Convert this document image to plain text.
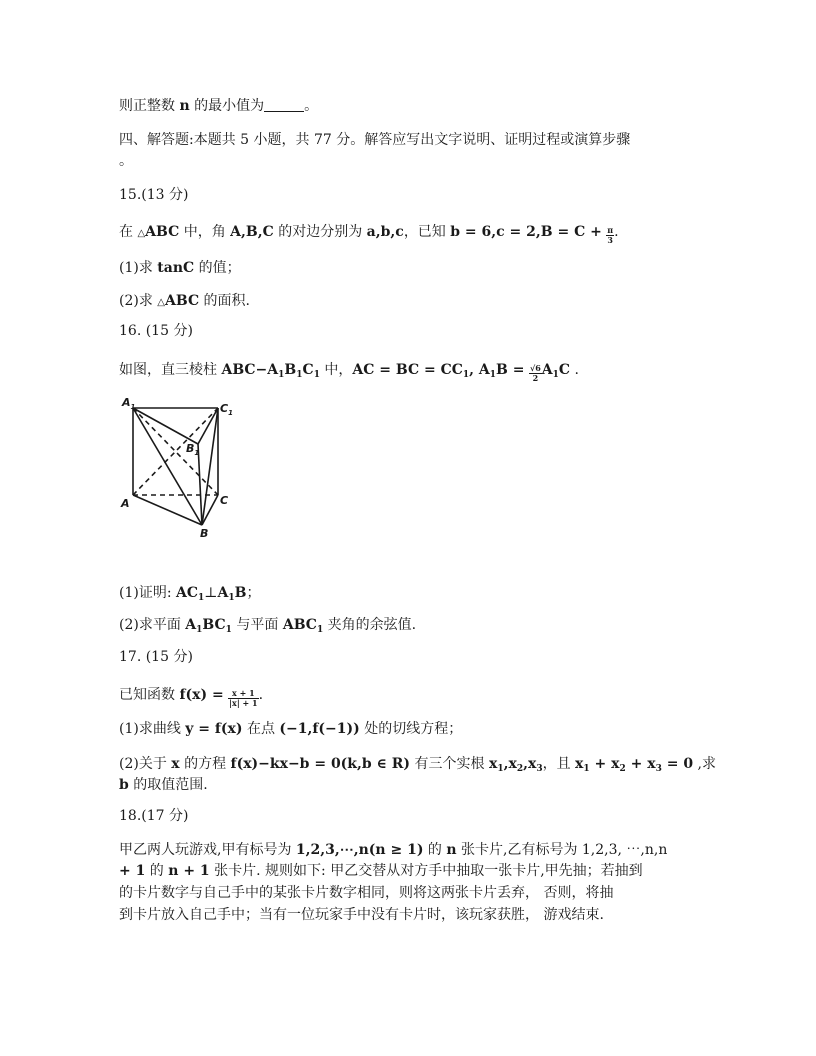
则正整数 n 的最小值为	。
四、解答题:本题共 5 小题，共 77 分。解答应写出文字说明、证明过程或演算步骤
。
15.(13 分)
在 △ABC 中，角 A,B,C 的对边分别为 a,b,c，已知 $b = 6,c = 2,B = C + \frac{\pi}{3}$ .
(1)求 tanC 的值；
(2)求 △ABC 的面积.
16. (15 分)
如图，直三棱柱 $ABC-A_1B_1C_1$ 中，AC = BC = $CC_1$, $A_1B = \frac{√6}{2} A_1C$ .
$A_1$	$C_1$
$B_1$
A	C
B
(1)证明: $AC_1\perp A_1B$；
(2)求平面 $A_1BC_1$ 与平面 $ABC_1$ 夹角的余弦值.
17. (15 分)
已知函数 $f(x) = \frac{x + 1}{|x| + 1}$ .
(1)求曲线 y = f(x) 在点 (−1,f(−1)) 处的切线方程；
(2)关于 x 的方程 f(x)−kx−b = 0(k,b ∈ R) 有三个实根 $x_1,x_2,x_3$，且 $x_1 + x_2 + x_3 = 0$ ,求
b 的取值范围.
18.(17 分)
甲乙两人玩游戏,甲有标号为 1,2,3,⋯,n(n ≥ 1) 的 n 张卡片,乙有标号为 1,2,3, ⋯,n,n
+ 1 的 n + 1 张卡片. 规则如下: 甲乙交替从对方手中抽取一张卡片,甲先抽；若抽到
的卡片数字与自己手中的某张卡片数字相同，则将这两张卡片丢弃， 否则，将抽
到卡片放入自己手中；当有一位玩家手中没有卡片时，该玩家获胜， 游戏结束.
